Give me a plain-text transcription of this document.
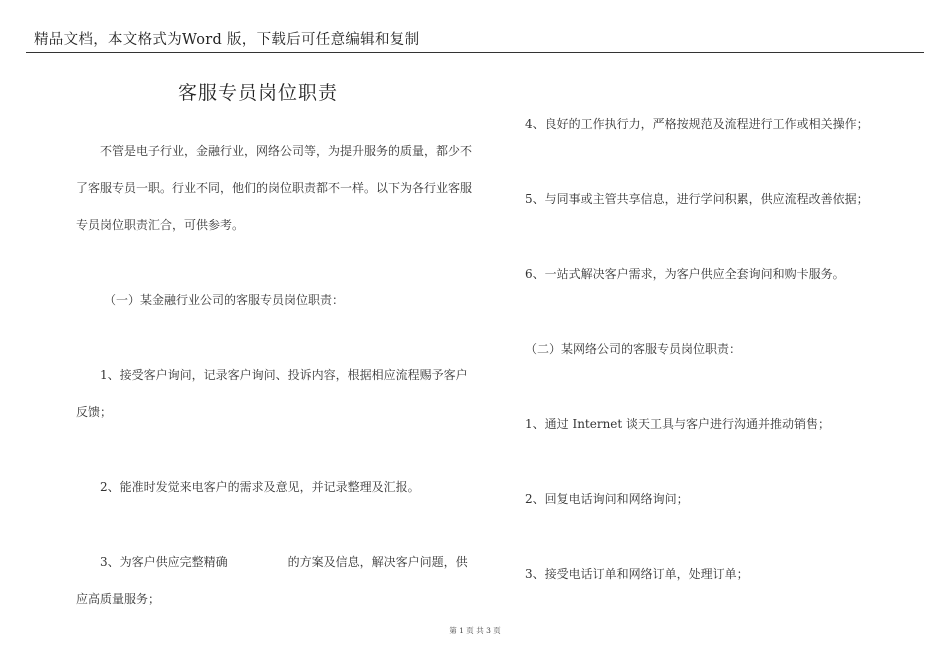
精品文档，本文格式为Word 版，下载后可任意编辑和复制
客服专员岗位职责
不管是电子行业，金融行业，网络公司等，为提升服务的质量，都少不
了客服专员一职。行业不同，他们的岗位职责都不一样。以下为各行业客服
专员岗位职责汇合，可供参考。
（一）某金融行业公司的客服专员岗位职责：
1、接受客户询问，记录客户询问、投诉内容，根据相应流程赐予客户
反馈；
2、能准时发觉来电客户的需求及意见，并记录整理及汇报。
3、为客户供应完整精确	的方案及信息，解决客户问题，供
应高质量服务；
4、良好的工作执行力，严格按规范及流程进行工作或相关操作；
5、与同事或主管共享信息，进行学问积累，供应流程改善依据；
6、一站式解决客户需求，为客户供应全套询问和购卡服务。
（二）某网络公司的客服专员岗位职责：
1、通过 Internet 谈天工具与客户进行沟通并推动销售；
2、回复电话询问和网络询问；
3、接受电话订单和网络订单，处理订单；
第 1 页 共 3 页
